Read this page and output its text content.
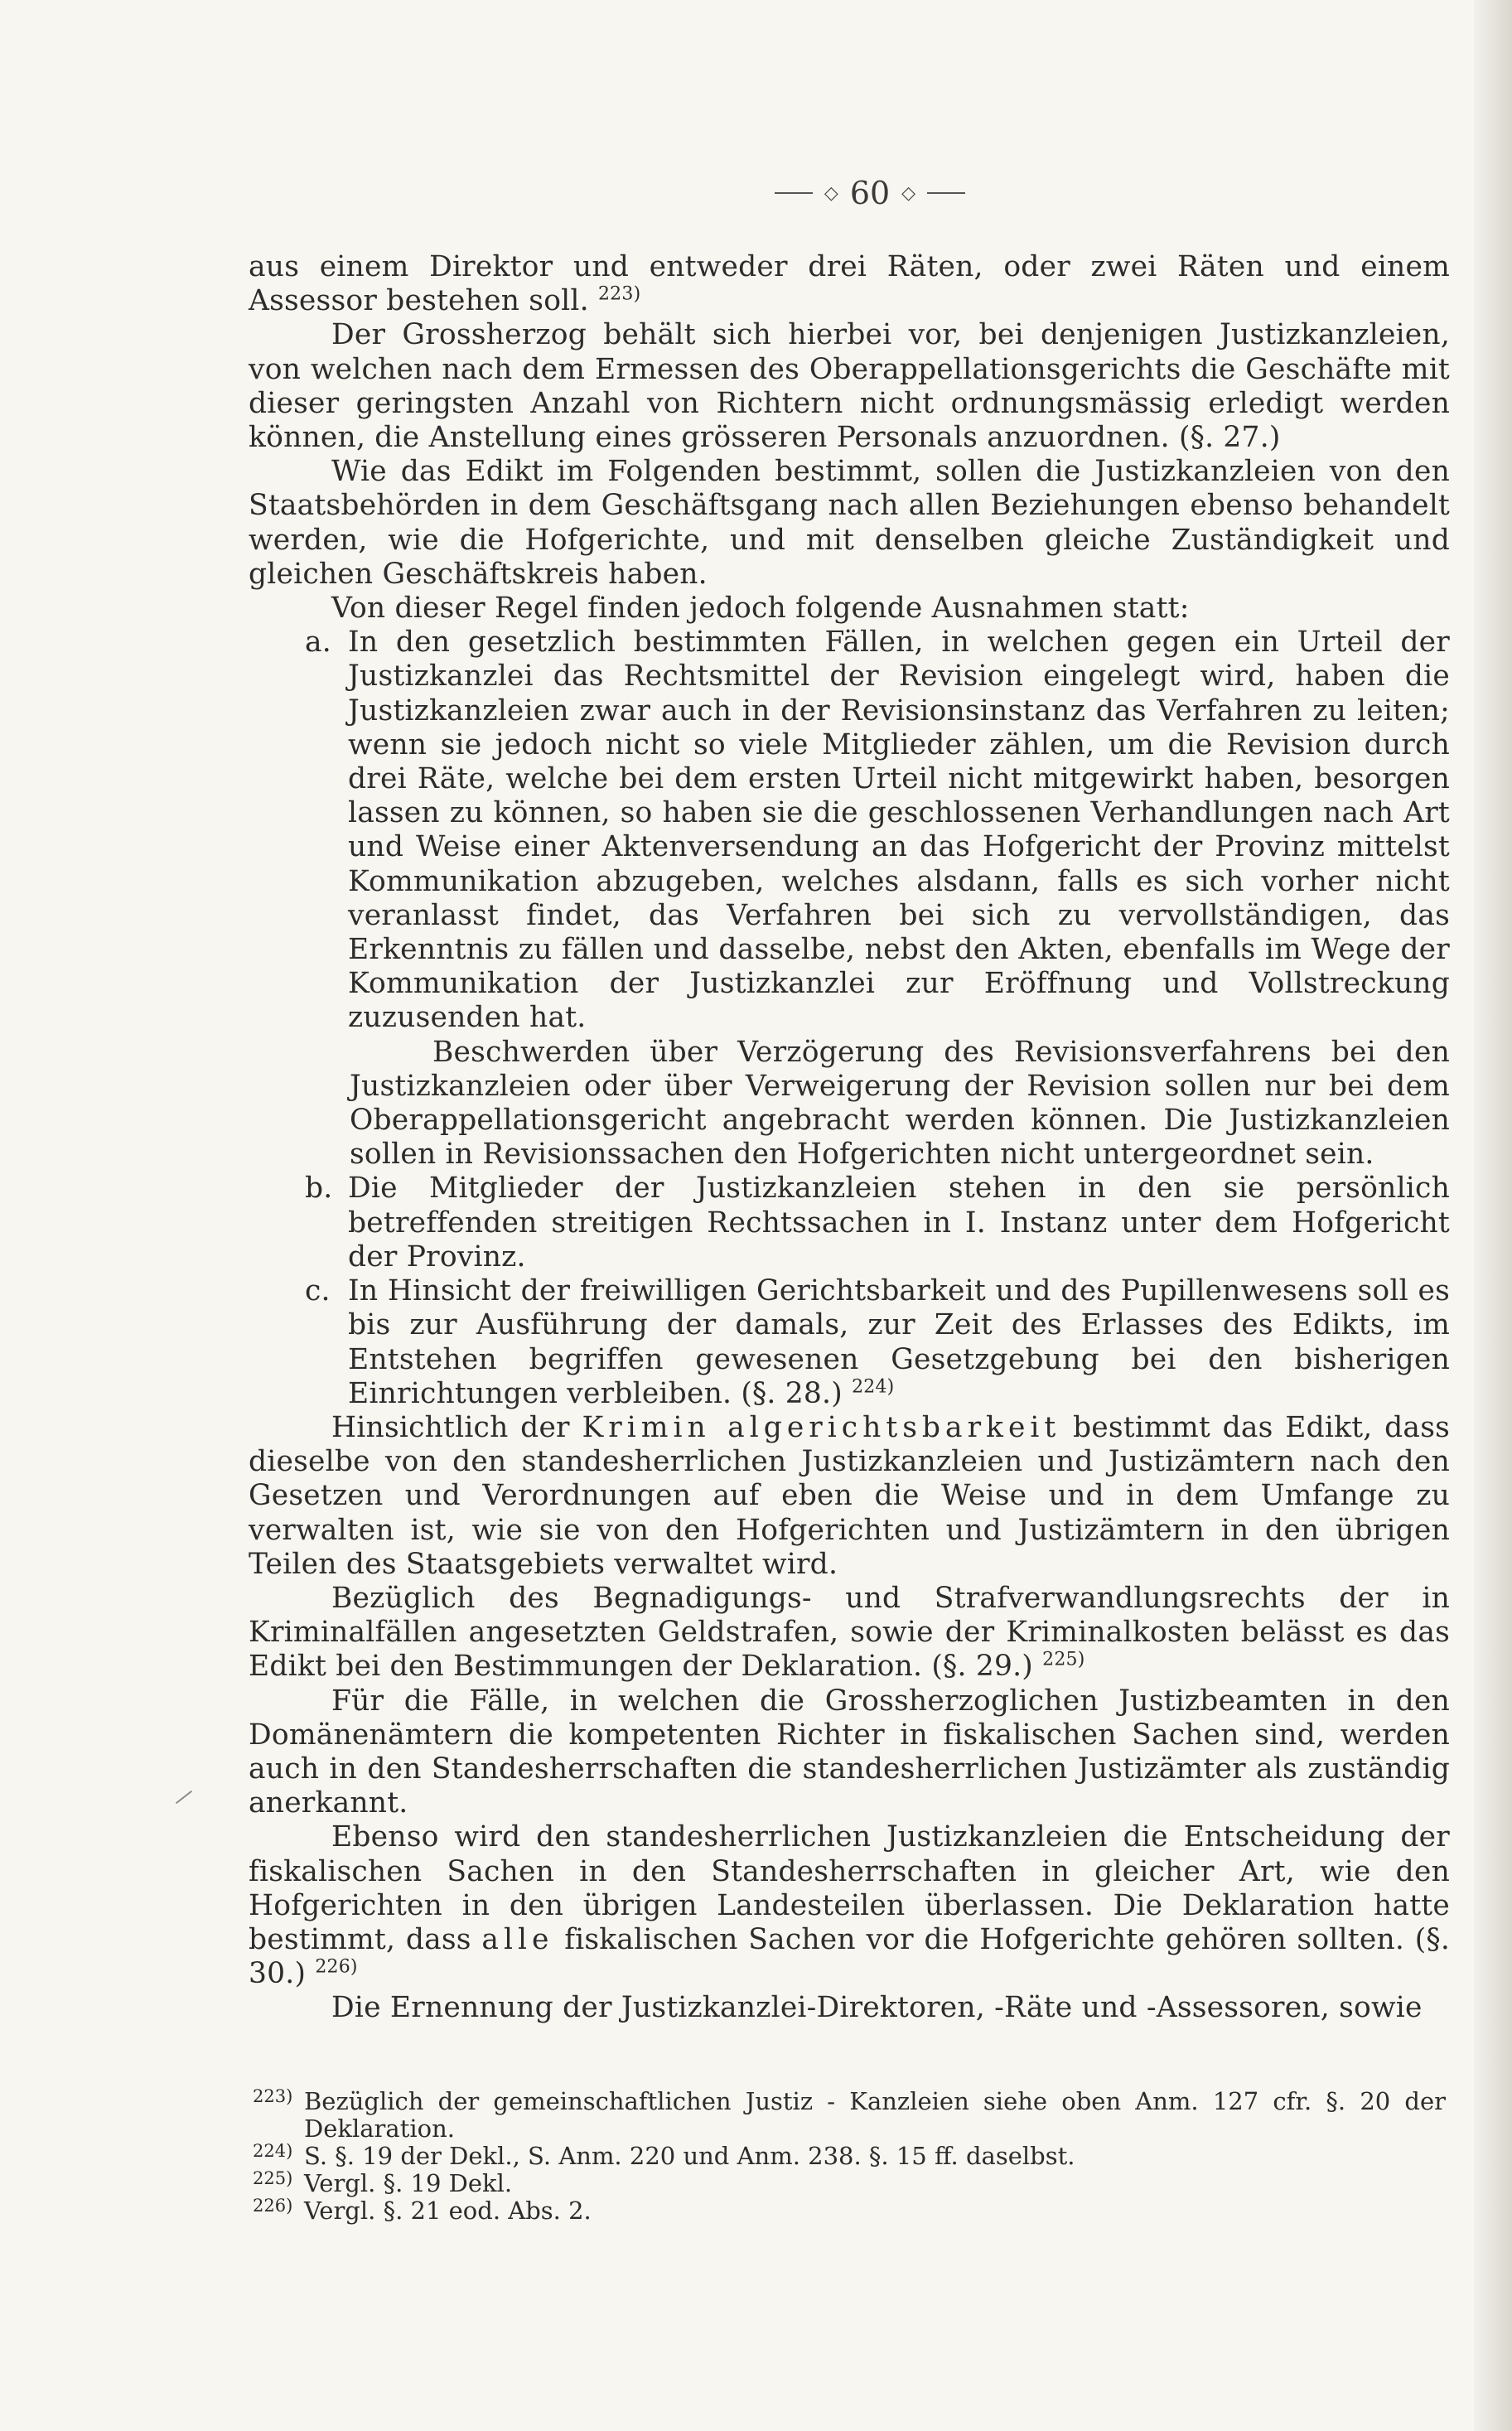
◇ 60 ◇

aus einem Direktor und entweder drei Räten, oder zwei Räten und einem Assessor bestehen soll. $^{223)}$

Der Grossherzog behält sich hierbei vor, bei denjenigen Justizkanzleien, von welchen nach dem Ermessen des Oberappellationsgerichts die Geschäfte mit dieser geringsten Anzahl von Richtern nicht ordnungsmässig erledigt werden können, die Anstellung eines grösseren Personals anzuordnen. (§. 27.)

Wie das Edikt im Folgenden bestimmt, sollen die Justizkanzleien von den Staatsbehörden in dem Geschäftsgang nach allen Beziehungen ebenso behandelt werden, wie die Hofgerichte, und mit denselben gleiche Zuständigkeit und gleichen Geschäftskreis haben.

Von dieser Regel finden jedoch folgende Ausnahmen statt:

a. In den gesetzlich bestimmten Fällen, in welchen gegen ein Urteil der Justizkanzlei das Rechtsmittel der Revision eingelegt wird, haben die Justizkanzleien zwar auch in der Revisionsinstanz das Verfahren zu leiten; wenn sie jedoch nicht so viele Mitglieder zählen, um die Revision durch drei Räte, welche bei dem ersten Urteil nicht mitgewirkt haben, besorgen lassen zu können, so haben sie die geschlossenen Verhandlungen nach Art und Weise einer Aktenversendung an das Hofgericht der Provinz mittelst Kommunikation abzugeben, welches alsdann, falls es sich vorher nicht veranlasst findet, das Verfahren bei sich zu vervollständigen, das Erkenntnis zu fällen und dasselbe, nebst den Akten, ebenfalls im Wege der Kommunikation der Justizkanzlei zur Eröffnung und Vollstreckung zuzusenden hat.

Beschwerden über Verzögerung des Revisionsverfahrens bei den Justizkanzleien oder über Verweigerung der Revision sollen nur bei dem Oberappellationsgericht angebracht werden können. Die Justizkanzleien sollen in Revisionssachen den Hofgerichten nicht untergeordnet sein.

b. Die Mitglieder der Justizkanzleien stehen in den sie persönlich betreffenden streitigen Rechtssachen in I. Instanz unter dem Hofgericht der Provinz.
c. In Hinsicht der freiwilligen Gerichtsbarkeit und des Pupillenwesens soll es bis zur Ausführung der damals, zur Zeit des Erlasses des Edikts, im Entstehen begriffen gewesenen Gesetzgebung bei den bisherigen Einrichtungen verbleiben. (§. 28.) $^{224)}$

Hinsichtlich der Krimin algerichtsbarkeit bestimmt das Edikt, dass dieselbe von den standesherrlichen Justizkanzleien und Justizämtern nach den Gesetzen und Verordnungen auf eben die Weise und in dem Umfange zu verwalten ist, wie sie von den Hofgerichten und Justizämtern in den übrigen Teilen des Staatsgebiets verwaltet wird.

Bezüglich des Begnadigungs- und Strafverwandlungsrechts der in Kriminalfällen angesetzten Geldstrafen, sowie der Kriminalkosten belässt es das Edikt bei den Bestimmungen der Deklaration. (§. 29.) $^{225)}$

Für die Fälle, in welchen die Grossherzoglichen Justizbeamten in den Domänenämtern die kompetenten Richter in fiskalischen Sachen sind, werden auch in den Standesherrschaften die standesherrlichen Justizämter als zuständig anerkannt.

Ebenso wird den standesherrlichen Justizkanzleien die Entscheidung der fiskalischen Sachen in den Standesherrschaften in gleicher Art, wie den Hofgerichten in den übrigen Landesteilen überlassen. Die Deklaration hatte bestimmt, dass alle fiskalischen Sachen vor die Hofgerichte gehören sollten. (§. 30.) $^{226)}$

Die Ernennung der Justizkanzlei-Direktoren, -Räte und -Assessoren, sowie

223) Bezüglich der gemeinschaftlichen Justiz - Kanzleien siehe oben Anm. 127 cfr. §. 20 der Deklaration.
224) S. §. 19 der Dekl., S. Anm. 220 und Anm. 238. §. 15 ff. daselbst.
225) Vergl. §. 19 Dekl.
226) Vergl. §. 21 eod. Abs. 2.
